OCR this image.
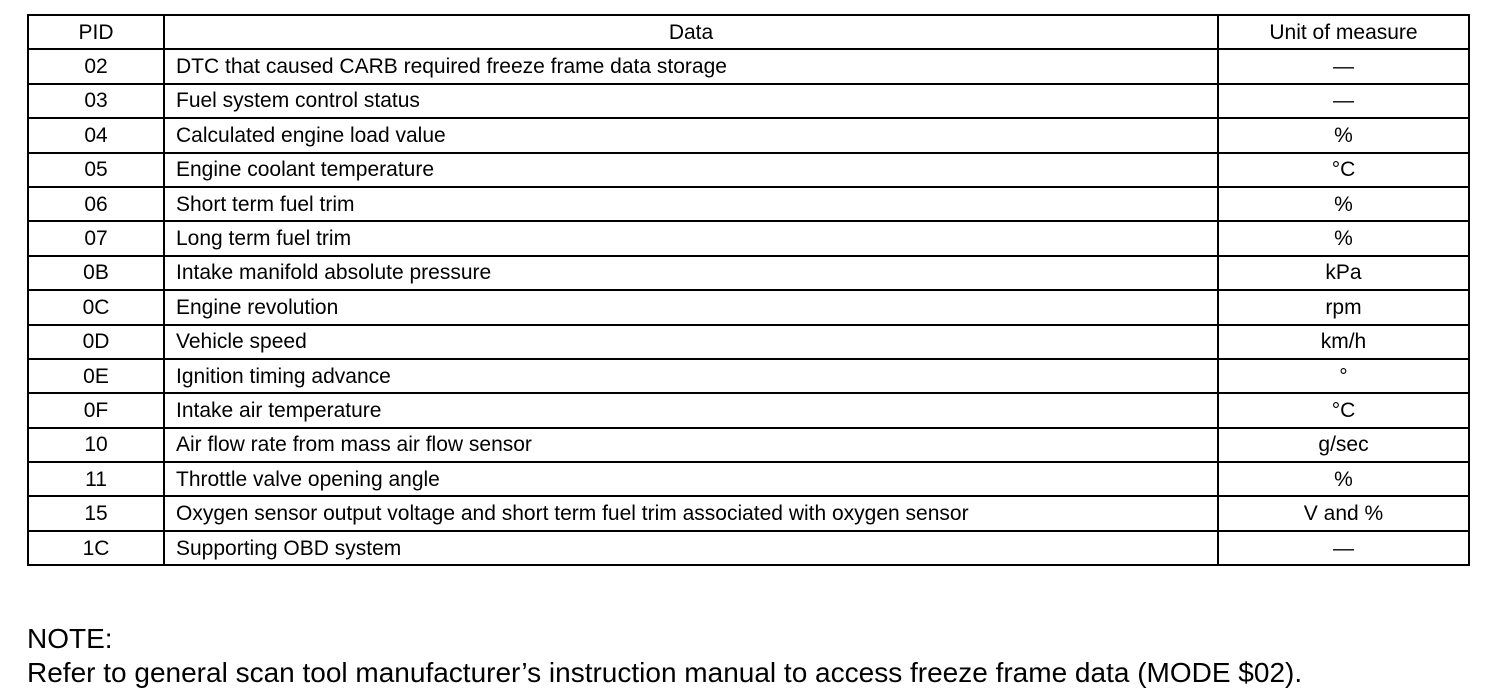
PID	Data	Unit of measure
02	DTC that caused CARB required freeze frame data storage	—
03	Fuel system control status	—
04	Calculated engine load value	%
05	Engine coolant temperature	°C
06	Short term fuel trim	%
07	Long term fuel trim	%
0B	Intake manifold absolute pressure	kPa
0C	Engine revolution	rpm
0D	Vehicle speed	km/h
0E	Ignition timing advance	°
0F	Intake air temperature	°C
10	Air flow rate from mass air flow sensor	g/sec
11	Throttle valve opening angle	%
15	Oxygen sensor output voltage and short term fuel trim associated with oxygen sensor	V and %
1C	Supporting OBD system	—
NOTE:
Refer to general scan tool manufacturer’s instruction manual to access freeze frame data (MODE $02).
